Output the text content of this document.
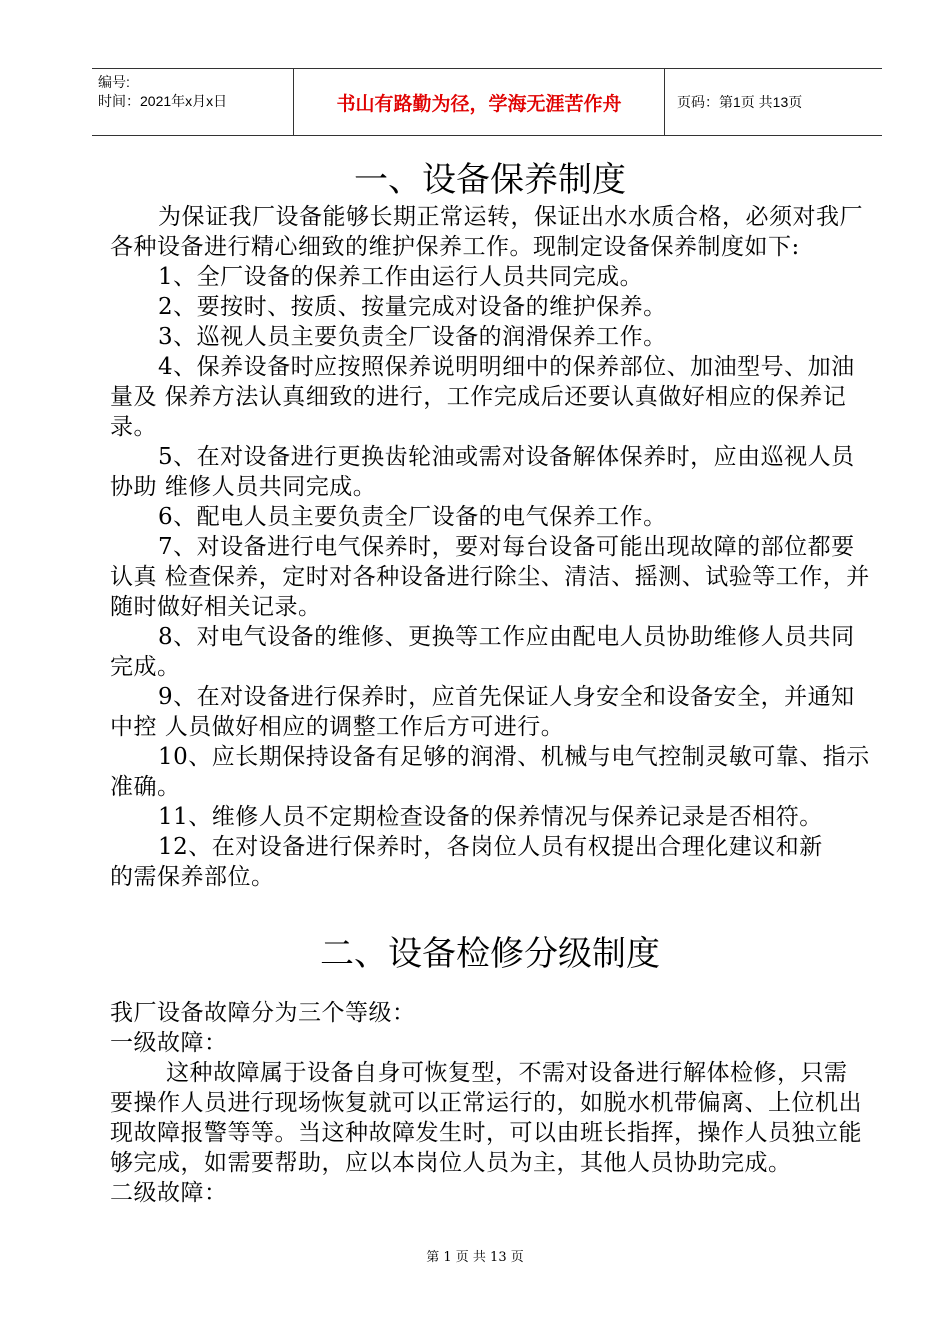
编号:
时间：2021年x月x日	书山有路勤为径，学海无涯苦作舟	页码：第1页 共13页
一、设备保养制度

为保证我厂设备能够长期正常运转，保证出水水质合格，必须对我厂各种设备进行精心细致的维护保养工作。现制定设备保养制度如下:

1、全厂设备的保养工作由运行人员共同完成。

2、要按时、按质、按量完成对设备的维护保养。

3、巡视人员主要负责全厂设备的润滑保养工作。

4、保养设备时应按照保养说明明细中的保养部位、加油型号、加油量及 保养方法认真细致的进行，工作完成后还要认真做好相应的保养记录。

5、在对设备进行更换齿轮油或需对设备解体保养时，应由巡视人员协助 维修人员共同完成。

6、配电人员主要负责全厂设备的电气保养工作。

7、对设备进行电气保养时，要对每台设备可能出现故障的部位都要认真 检查保养，定时对各种设备进行除尘、清洁、摇测、试验等工作，并随时做好相关记录。

8、对电气设备的维修、更换等工作应由配电人员协助维修人员共同完成。

9、在对设备进行保养时，应首先保证人身安全和设备安全，并通知中控 人员做好相应的调整工作后方可进行。

10、应长期保持设备有足够的润滑、机械与电气控制灵敏可靠、指示准确。

11、维修人员不定期检查设备的保养情况与保养记录是否相符。

12、在对设备进行保养时，各岗位人员有权提出合理化建议和新　　的需保养部位。

二、设备检修分级制度

我厂设备故障分为三个等级：

一级故障：

这种故障属于设备自身可恢复型，不需对设备进行解体检修，只需要操作人员进行现场恢复就可以正常运行的，如脱水机带偏离、上位机出现故障报警等等。当这种故障发生时，可以由班长指挥，操作人员独立能够完成，如需要帮助，应以本岗位人员为主，其他人员协助完成。

二级故障：

第 1 页 共 13 页
